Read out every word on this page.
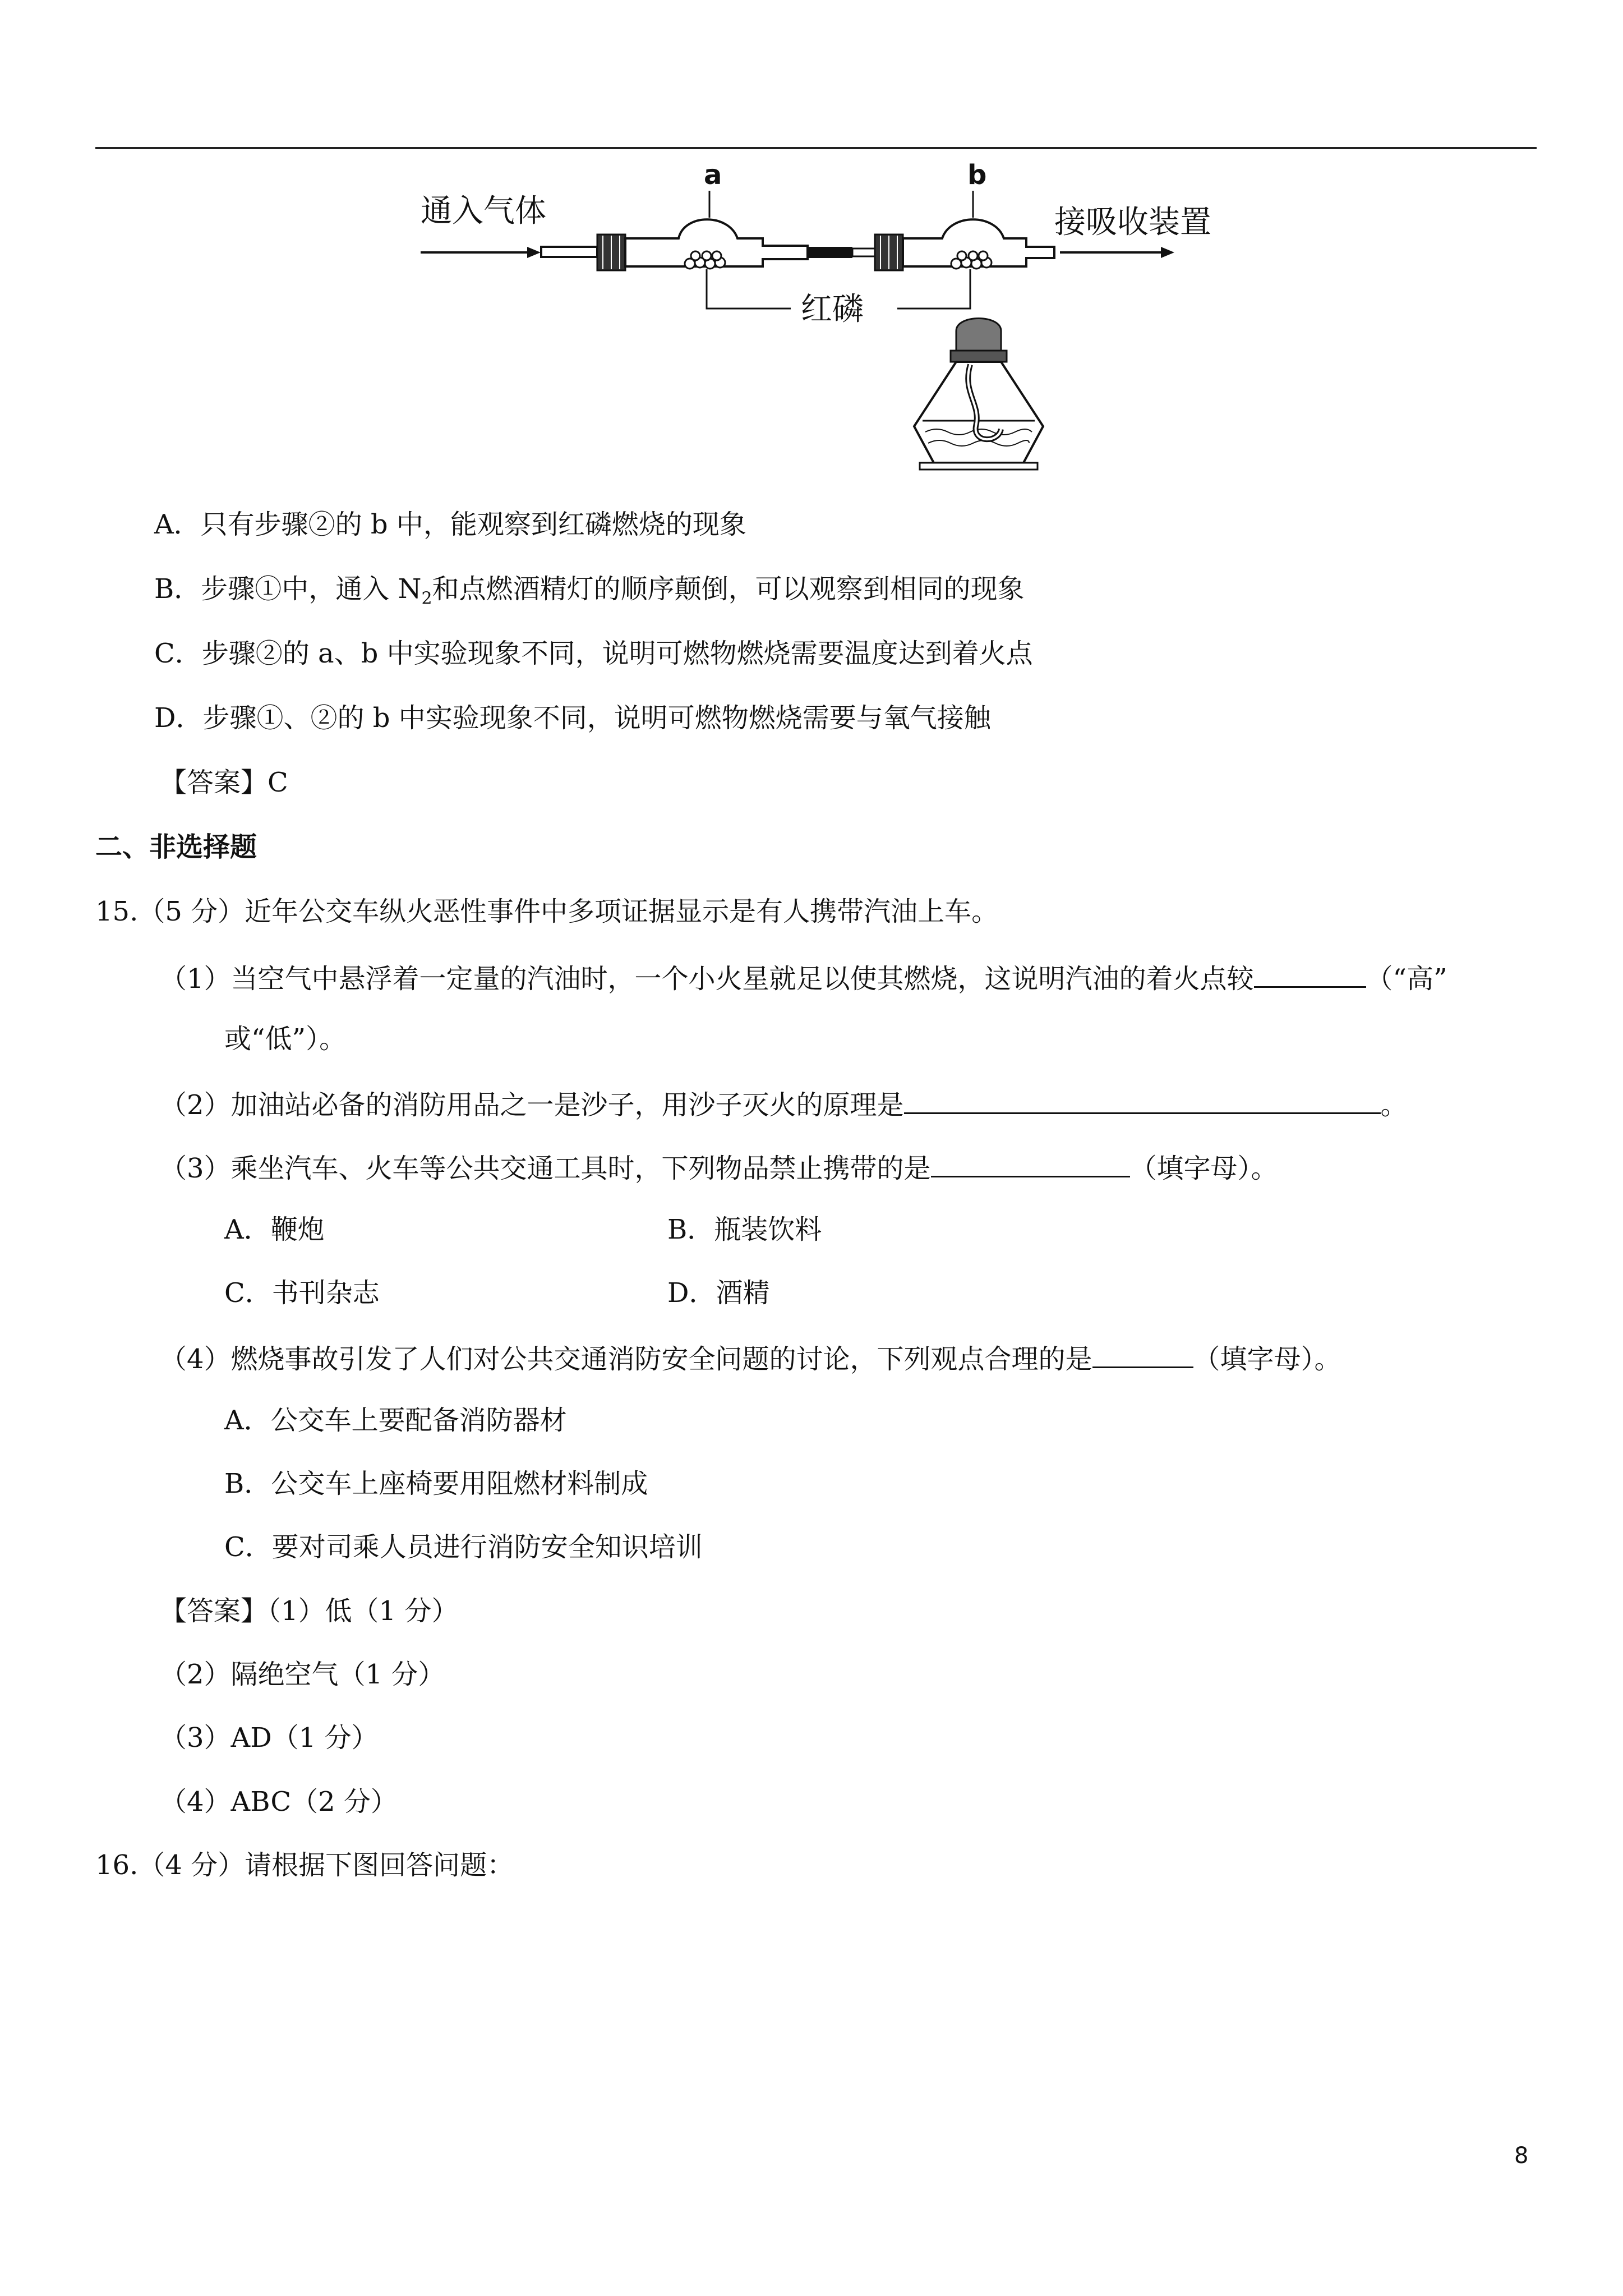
通入气体	接吸收装置
a	b
红磷
A．只有步骤②的 b 中，能观察到红磷燃烧的现象
B．步骤①中，通入 $N_2$和点燃酒精灯的顺序颠倒，可以观察到相同的现象
C．步骤②的 a、b 中实验现象不同，说明可燃物燃烧需要温度达到着火点
D．步骤①、②的 b 中实验现象不同，说明可燃物燃烧需要与氧气接触
【答案】C
二、非选择题
15.（5 分）近年公交车纵火恶性事件中多项证据显示是有人携带汽油上车。
（1）当空气中悬浮着一定量的汽油时，一个小火星就足以使其燃烧，这说明汽油的着火点较	（“高”
或“低”）。
（2）加油站必备的消防用品之一是沙子，用沙子灭火的原理是	。
（3）乘坐汽车、火车等公共交通工具时，下列物品禁止携带的是	（填字母）。
A．鞭炮	B．瓶装饮料
C．书刊杂志	D．酒精
（4）燃烧事故引发了人们对公共交通消防安全问题的讨论，下列观点合理的是	（填字母）。
A．公交车上要配备消防器材
B．公交车上座椅要用阻燃材料制成
C．要对司乘人员进行消防安全知识培训
【答案】（1）低（1 分）
（2）隔绝空气（1 分）
（3）AD（1 分）
（4）ABC（2 分）
16.（4 分）请根据下图回答问题：
8
